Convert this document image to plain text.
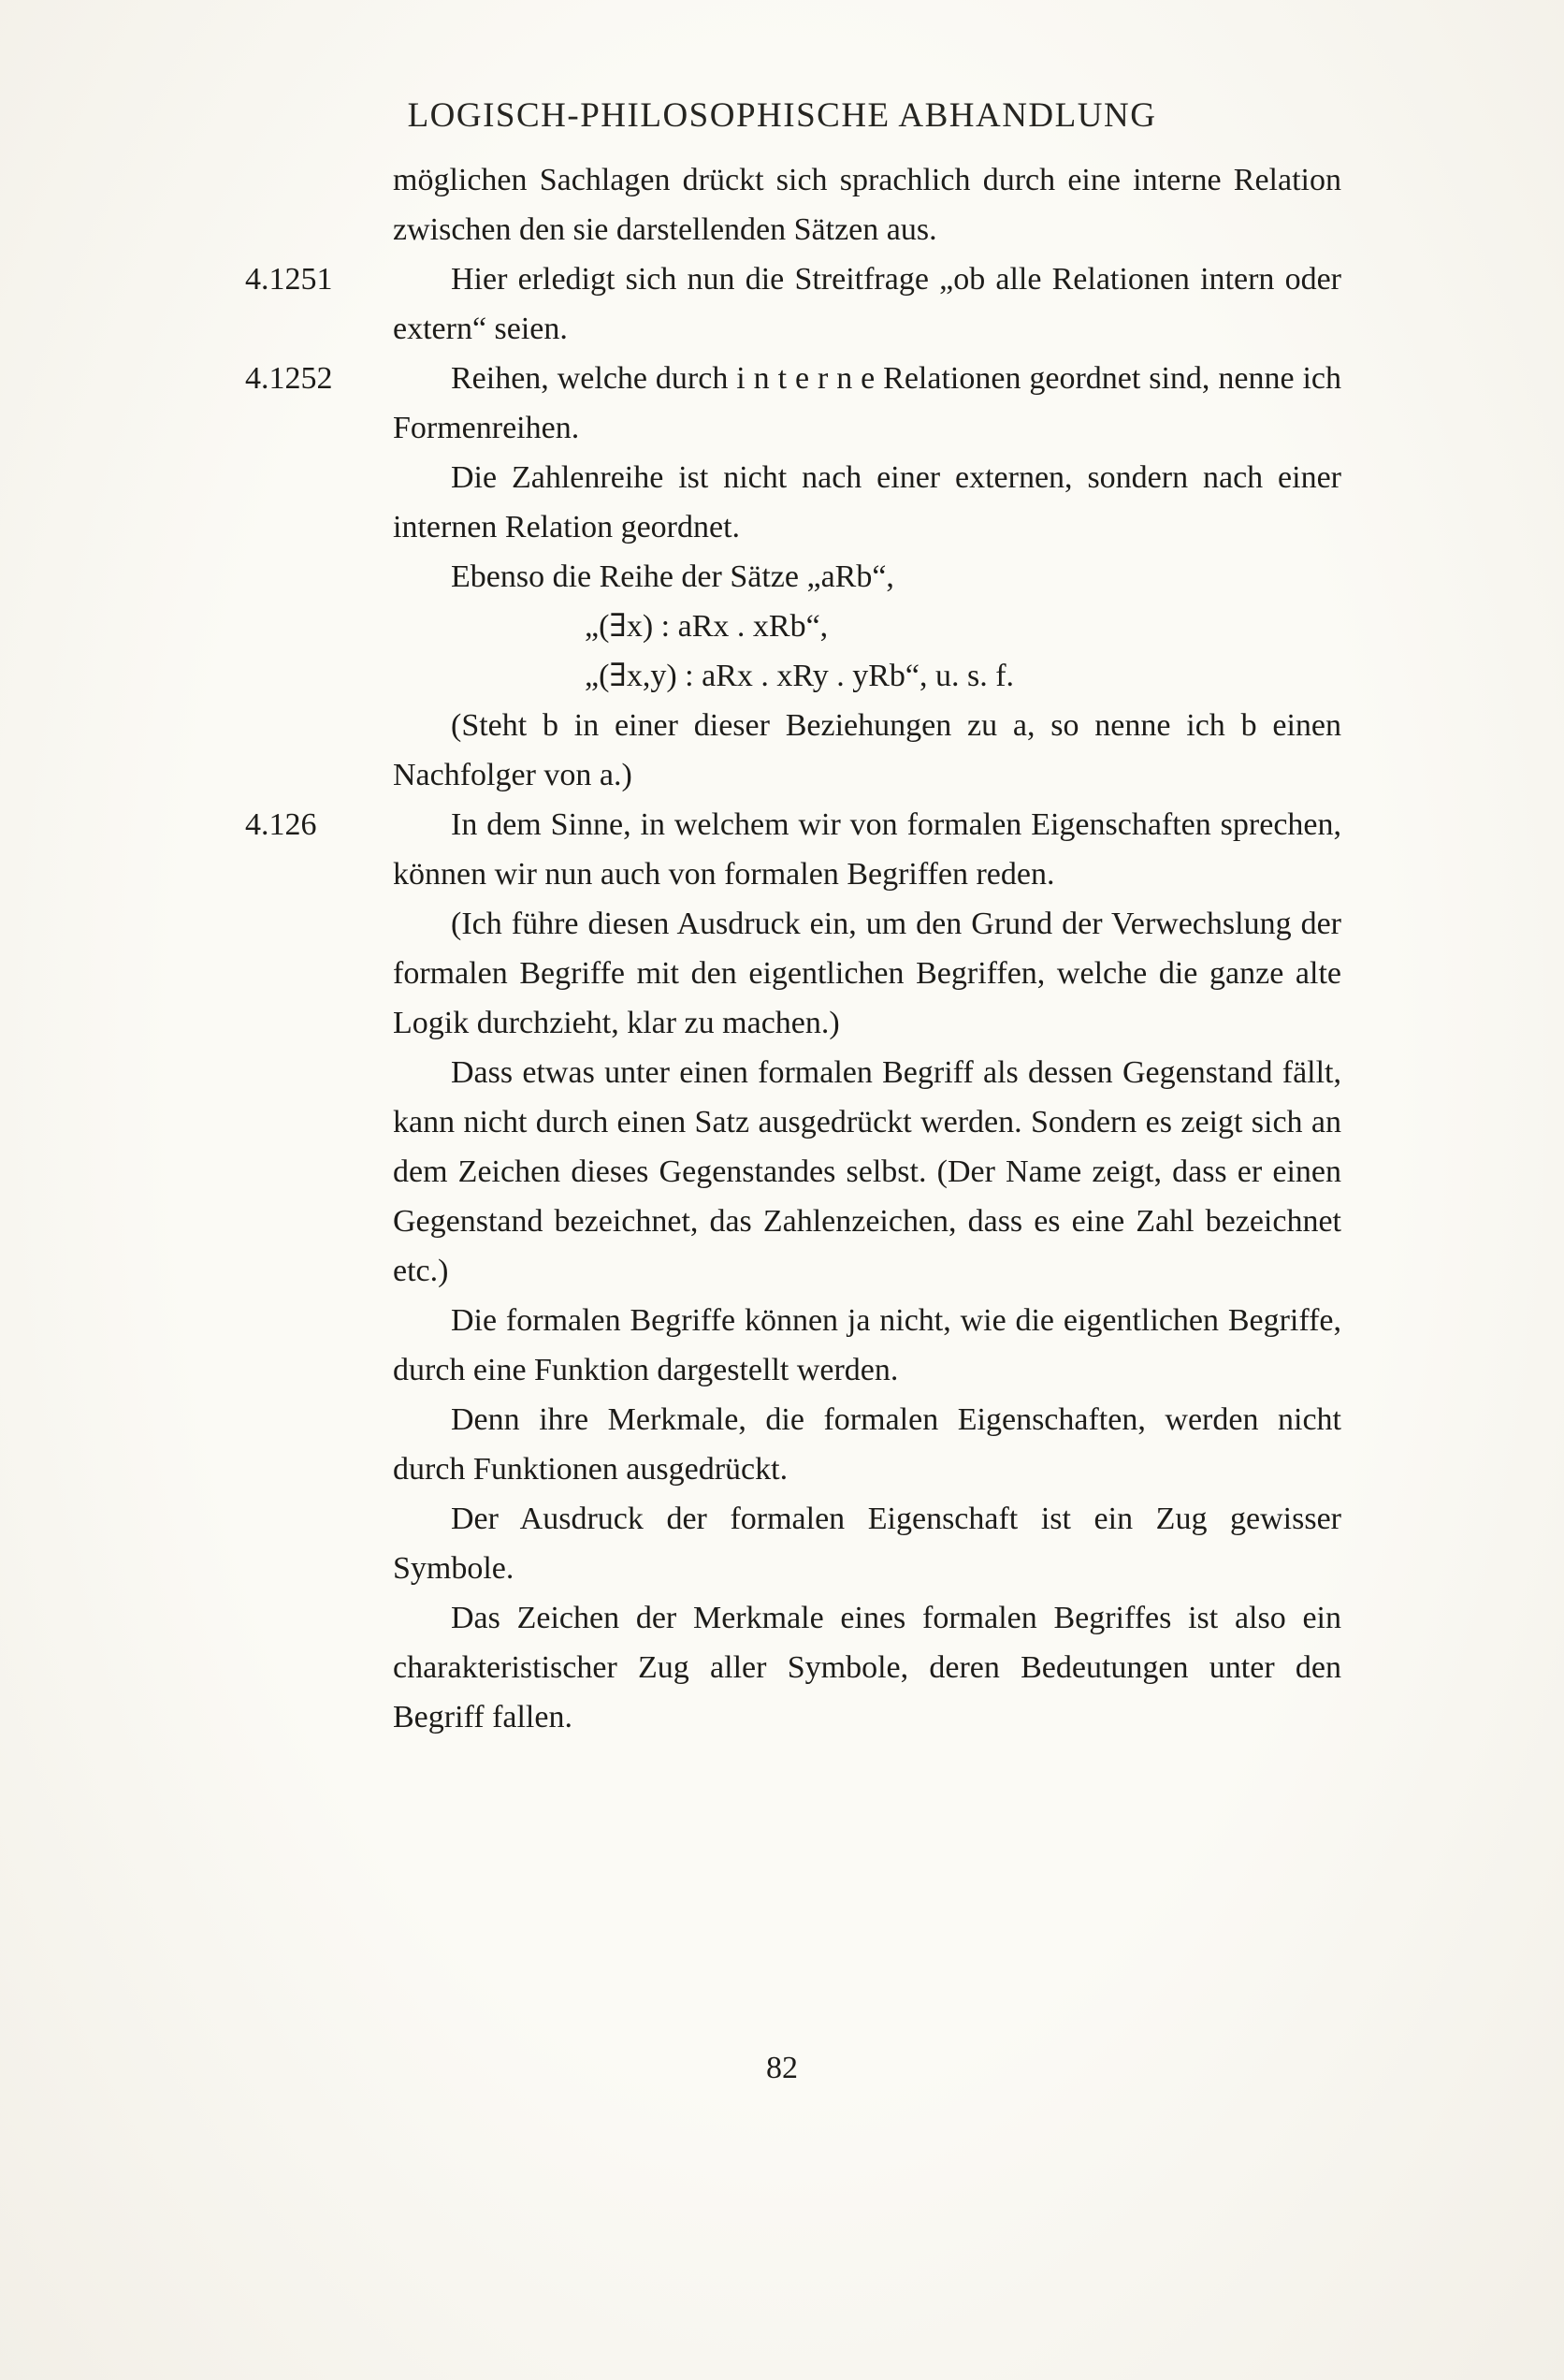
LOGISCH-PHILOSOPHISCHE ABHANDLUNG

möglichen Sachlagen drückt sich sprachlich durch eine interne Relation zwischen den sie darstellenden Sätzen aus.

4.1251	Hier erledigt sich nun die Streitfrage „ob alle Relationen intern oder extern“ seien.

4.1252	Reihen, welche durch i n t e r n e Relationen geordnet sind, nenne ich Formenreihen.

Die Zahlenreihe ist nicht nach einer externen, sondern nach einer internen Relation geordnet.

Ebenso die Reihe der Sätze „aRb“,

„(∃x) : aRx . xRb“,

„(∃x,y) : aRx . xRy . yRb“, u. s. f.

(Steht b in einer dieser Beziehungen zu a, so nenne ich b einen Nachfolger von a.)

4.126	In dem Sinne, in welchem wir von formalen Eigenschaften sprechen, können wir nun auch von formalen Begriffen reden.

(Ich führe diesen Ausdruck ein, um den Grund der Verwechslung der formalen Begriffe mit den eigentlichen Begriffen, welche die ganze alte Logik durchzieht, klar zu machen.)

Dass etwas unter einen formalen Begriff als dessen Gegenstand fällt, kann nicht durch einen Satz ausgedrückt werden. Sondern es zeigt sich an dem Zeichen dieses Gegenstandes selbst. (Der Name zeigt, dass er einen Gegenstand bezeichnet, das Zahlenzeichen, dass es eine Zahl bezeichnet etc.)

Die formalen Begriffe können ja nicht, wie die eigentlichen Begriffe, durch eine Funktion dargestellt werden.

Denn ihre Merkmale, die formalen Eigenschaften, werden nicht durch Funktionen ausgedrückt.

Der Ausdruck der formalen Eigenschaft ist ein Zug gewisser Symbole.

Das Zeichen der Merkmale eines formalen Begriffes ist also ein charakteristischer Zug aller Symbole, deren Bedeutungen unter den Begriff fallen.

82
